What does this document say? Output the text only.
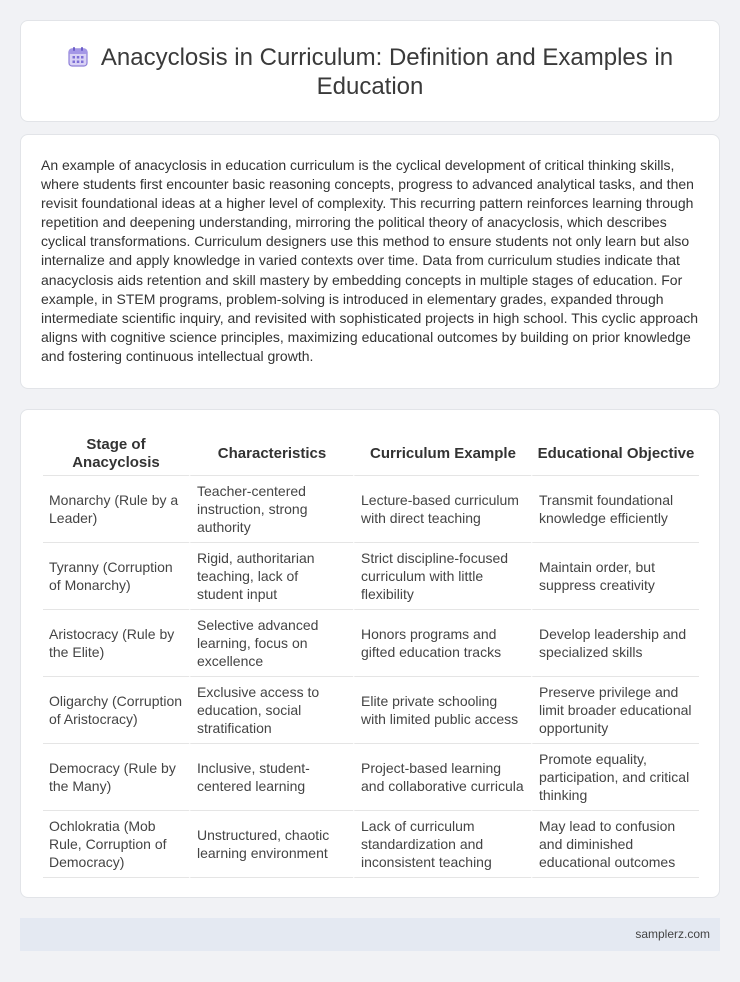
Anacyclosis in Curriculum: Definition and Examples in Education

An example of anacyclosis in education curriculum is the cyclical development of critical thinking skills, where students first encounter basic reasoning concepts, progress to advanced analytical tasks, and then revisit foundational ideas at a higher level of complexity. This recurring pattern reinforces learning through repetition and deepening understanding, mirroring the political theory of anacyclosis, which describes cyclical transformations. Curriculum designers use this method to ensure students not only learn but also internalize and apply knowledge in varied contexts over time. Data from curriculum studies indicate that anacyclosis aids retention and skill mastery by embedding concepts in multiple stages of education. For example, in STEM programs, problem-solving is introduced in elementary grades, expanded through intermediate scientific inquiry, and revisited with sophisticated projects in high school. This cyclic approach aligns with cognitive science principles, maximizing educational outcomes by building on prior knowledge and fostering continuous intellectual growth.

Stage of Anacyclosis	Characteristics	Curriculum Example	Educational Objective
Monarchy (Rule by a Leader)	Teacher-centered instruction, strong authority	Lecture-based curriculum with direct teaching	Transmit foundational knowledge efficiently
Tyranny (Corruption of Monarchy)	Rigid, authoritarian teaching, lack of student input	Strict discipline-focused curriculum with little flexibility	Maintain order, but suppress creativity
Aristocracy (Rule by the Elite)	Selective advanced learning, focus on excellence	Honors programs and gifted education tracks	Develop leadership and specialized skills
Oligarchy (Corruption of Aristocracy)	Exclusive access to education, social stratification	Elite private schooling with limited public access	Preserve privilege and limit broader educational opportunity
Democracy (Rule by the Many)	Inclusive, student-centered learning	Project-based learning and collaborative curricula	Promote equality, participation, and critical thinking
Ochlokratia (Mob Rule, Corruption of Democracy)	Unstructured, chaotic learning environment	Lack of curriculum standardization and inconsistent teaching	May lead to confusion and diminished educational outcomes
samplerz.com
